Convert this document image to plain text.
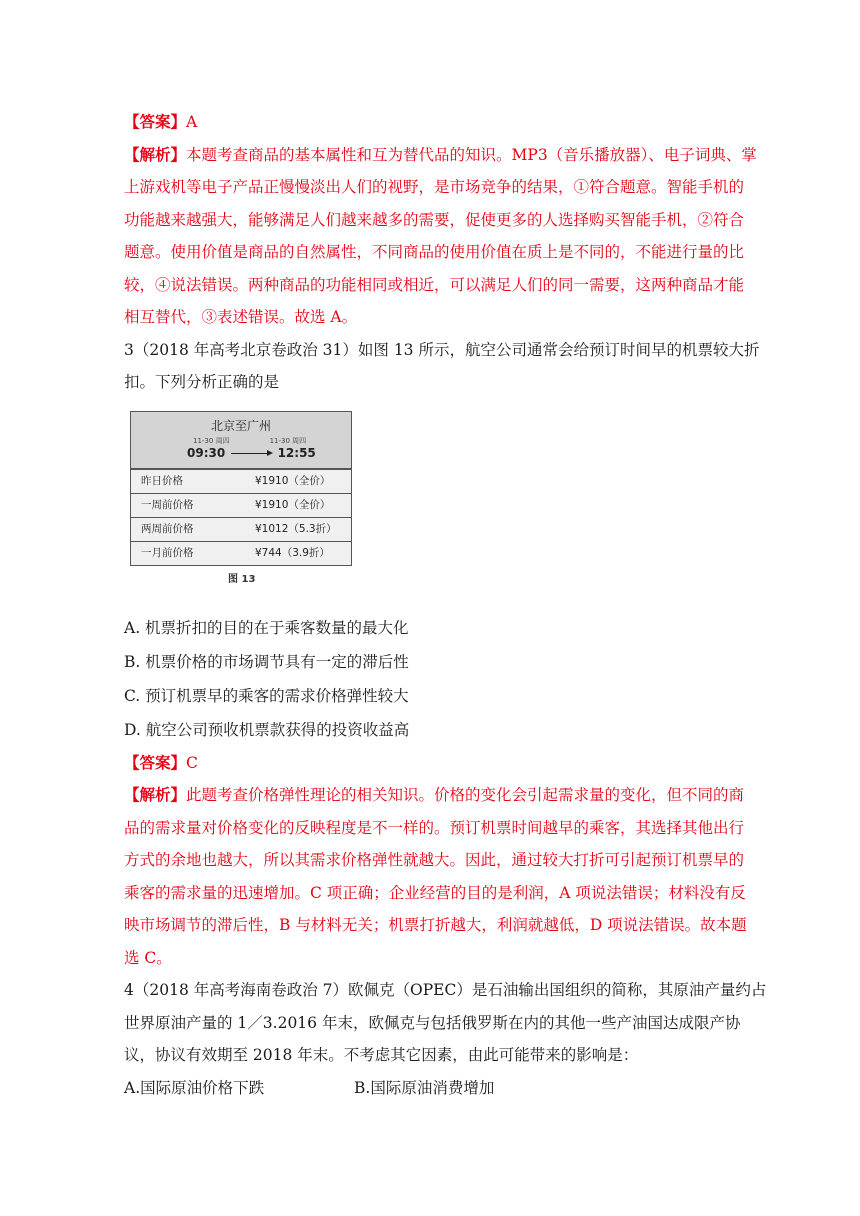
【答案】A

【解析】本题考查商品的基本属性和互为替代品的知识。MP3（音乐播放器）、电子词典、掌
上游戏机等电子产品正慢慢淡出人们的视野，是市场竞争的结果，①符合题意。智能手机的
功能越来越强大，能够满足人们越来越多的需要，促使更多的人选择购买智能手机，②符合
题意。使用价值是商品的自然属性，不同商品的使用价值在质上是不同的，不能进行量的比
较，④说法错误。两种商品的功能相同或相近，可以满足人们的同一需要，这两种商品才能
相互替代，③表述错误。故选 A。

3（2018 年高考北京卷政治 31）如图 13 所示，航空公司通常会给预订时间早的机票较大折
扣。下列分析正确的是

北京至广州
11-30 周四	11-30 周四
09:30	12:55
昨日价格	¥1910（全价）
一周前价格	¥1910（全价）
两周前价格	¥1012（5.3折）
一月前价格	¥744（3.9折）
图 13

A. 机票折扣的目的在于乘客数量的最大化

B. 机票价格的市场调节具有一定的滞后性

C. 预订机票早的乘客的需求价格弹性较大

D. 航空公司预收机票款获得的投资收益高

【答案】C

【解析】此题考查价格弹性理论的相关知识。价格的变化会引起需求量的变化，但不同的商
品的需求量对价格变化的反映程度是不一样的。预订机票时间越早的乘客，其选择其他出行
方式的余地也越大，所以其需求价格弹性就越大。因此，通过较大打折可引起预订机票早的
乘客的需求量的迅速增加。C 项正确；企业经营的目的是利润，A 项说法错误；材料没有反
映市场调节的滞后性，B 与材料无关；机票打折越大，利润就越低，D 项说法错误。故本题
选 C。

4（2018 年高考海南卷政治 7）欧佩克（OPEC）是石油输出国组织的简称，其原油产量约占
世界原油产量的 1／3.2016 年末，欧佩克与包括俄罗斯在内的其他一些产油国达成限产协
议，协议有效期至 2018 年末。不考虑其它因素，由此可能带来的影响是：

A.国际原油价格下跌	B.国际原油消费增加
